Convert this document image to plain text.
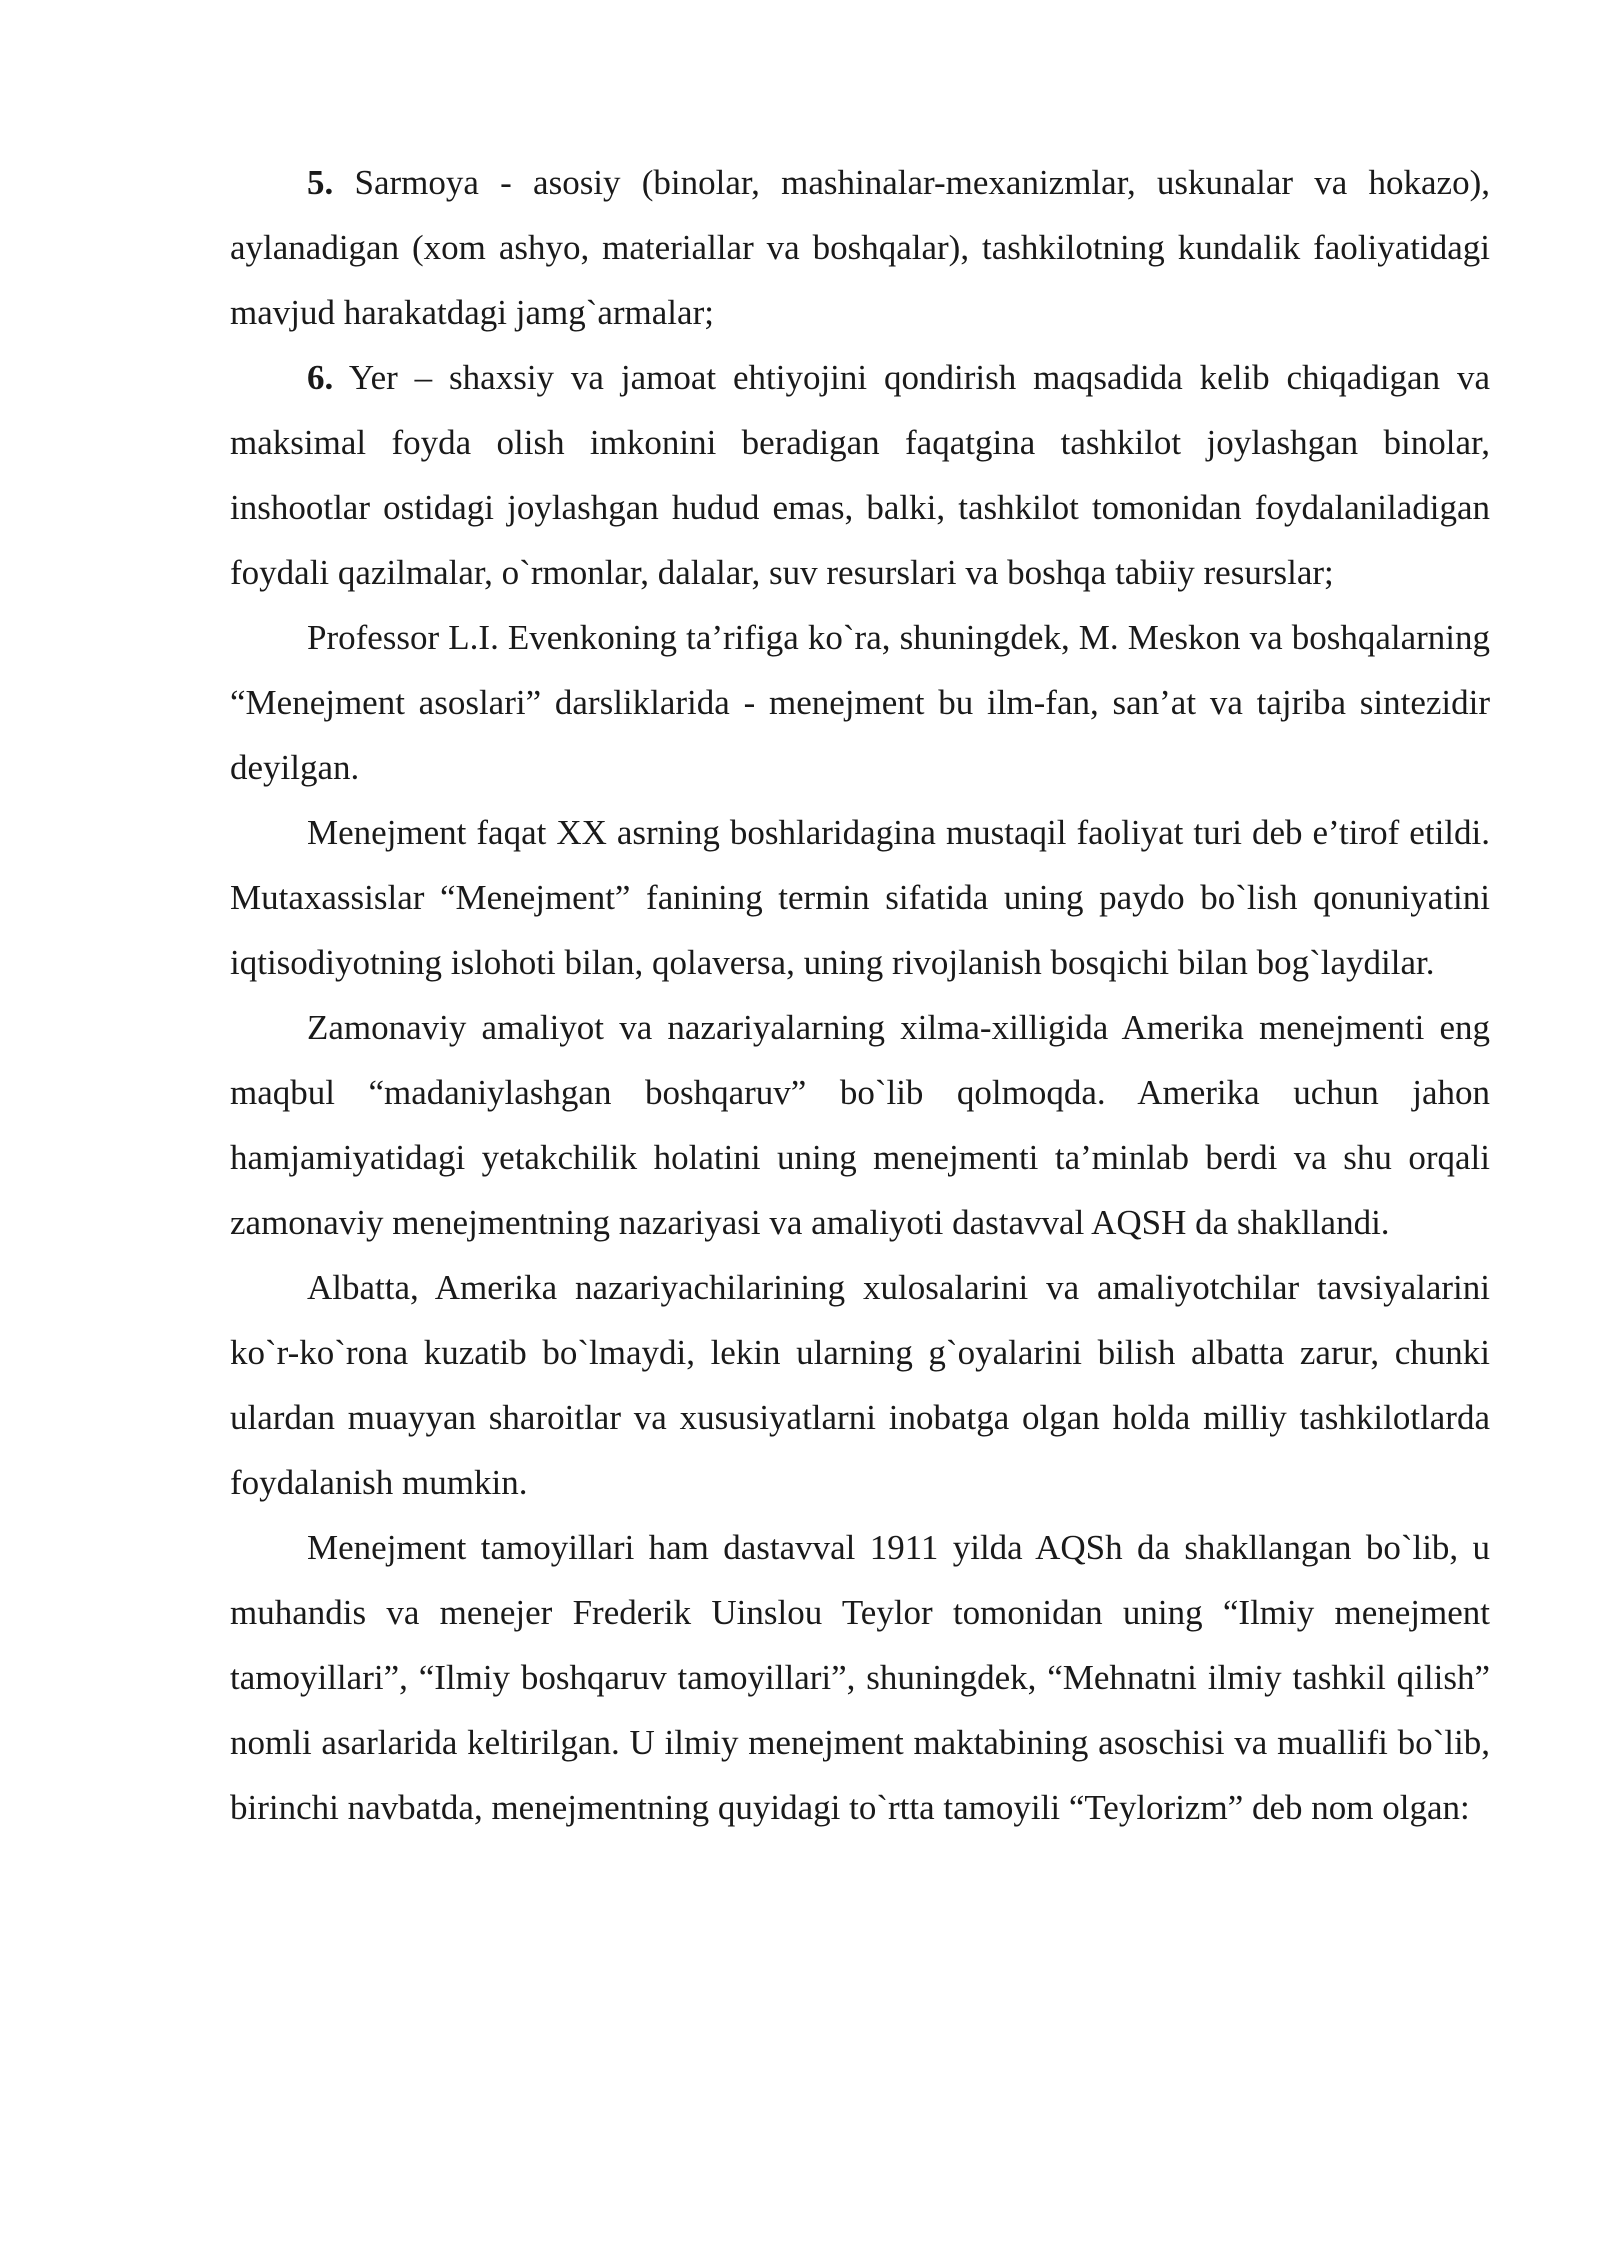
5. Sarmoya - asosiy (binolar, mashinalar-mexanizmlar, uskunalar va hokazo), aylanadigan (xom ashyo, materiallar va boshqalar), tashkilotning kundalik faoliyatidagi mavjud harakatdagi jamg`armalar;

6. Yer – shaxsiy va jamoat ehtiyojini qondirish maqsadida kelib chiqadigan va maksimal foyda olish imkonini beradigan faqatgina tashkilot joylashgan binolar, inshootlar ostidagi joylashgan hudud emas, balki, tashkilot tomonidan foydalaniladigan foydali qazilmalar, o`rmonlar, dalalar, suv resurslari va boshqa tabiiy resurslar;

Professor L.I. Evenkoning ta’rifiga ko`ra, shuningdek, M. Meskon va boshqalarning “Menejment asoslari” darsliklarida - menejment bu ilm-fan, san’at va tajriba sintezidir deyilgan.

Menejment faqat XX asrning boshlaridagina mustaqil faoliyat turi deb e’tirof etildi. Mutaxassislar “Menejment” fanining termin sifatida uning paydo bo`lish qonuniyatini iqtisodiyotning islohoti bilan, qolaversa, uning rivojlanish bosqichi bilan bog`laydilar.

Zamonaviy amaliyot va nazariyalarning xilma-xilligida Amerika menejmenti eng maqbul “madaniylashgan boshqaruv” bo`lib qolmoqda. Amerika uchun jahon hamjamiyatidagi yetakchilik holatini uning menejmenti ta’minlab berdi va shu orqali zamonaviy menejmentning nazariyasi va amaliyoti dastavval AQSH da shakllandi.

Albatta, Amerika nazariyachilarining xulosalarini va amaliyotchilar tavsiyalarini ko`r-ko`rona kuzatib bo`lmaydi, lekin ularning g`oyalarini bilish albatta zarur, chunki ulardan muayyan sharoitlar va xususiyatlarni inobatga olgan holda milliy tashkilotlarda foydalanish mumkin.

Menejment tamoyillari ham dastavval 1911 yilda AQSh da shakllangan bo`lib, u muhandis va menejer Frederik Uinslou Teylor tomonidan uning “Ilmiy menejment tamoyillari”, “Ilmiy boshqaruv tamoyillari”, shuningdek, “Mehnatni ilmiy tashkil qilish” nomli asarlarida keltirilgan. U ilmiy menejment maktabining asoschisi va muallifi bo`lib, birinchi navbatda, menejmentning quyidagi to`rtta tamoyili “Teylorizm” deb nom olgan:
